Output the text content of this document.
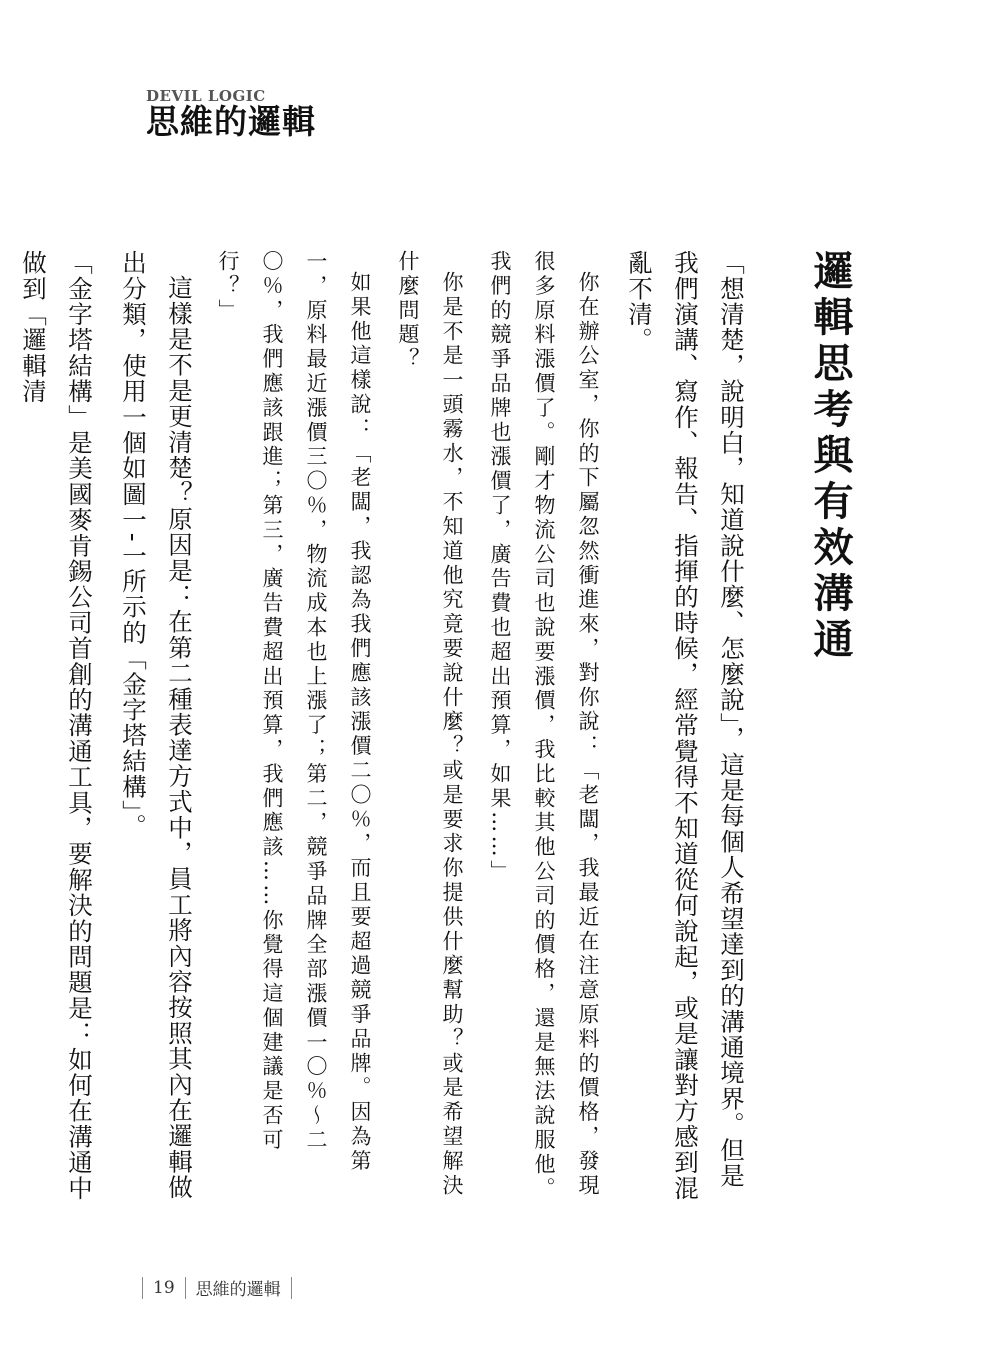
DEVIL LOGIC
思維的邏輯
邏輯思考與有效溝通

「想清楚，說明白，知道說什麼、怎麼說」，這是每個人希望達到的溝通境界。但是我們演講、寫作、報告、指揮的時候，經常覺得不知道從何說起，或是讓對方感到混亂不清。

你在辦公室，你的下屬忽然衝進來，對你說：「老闆，我最近在注意原料的價格，發現很多原料漲價了。剛才物流公司也說要漲價，我比較其他公司的價格，還是無法說服他。我們的競爭品牌也漲價了，廣告費也超出預算，如果……」

你是不是一頭霧水，不知道他究竟要說什麼？或是要求你提供什麼幫助？或是希望解決什麼問題？

如果他這樣說：「老闆，我認為我們應該漲價二〇％，而且要超過競爭品牌。因為第一，原料最近漲價三〇％，物流成本也上漲了；第二，競爭品牌全部漲價一〇％～二〇％，我們應該跟進；第三，廣告費超出預算，我們應該……你覺得這個建議是否可行？」

這樣是不是更清楚？原因是：在第二種表達方式中，員工將內容按照其內在邏輯做出分類，使用一個如圖一-一所示的「金字塔結構」。

「金字塔結構」是美國麥肯錫公司首創的溝通工具，要解決的問題是：如何在溝通中做到「邏輯清

19	思維的邏輯
